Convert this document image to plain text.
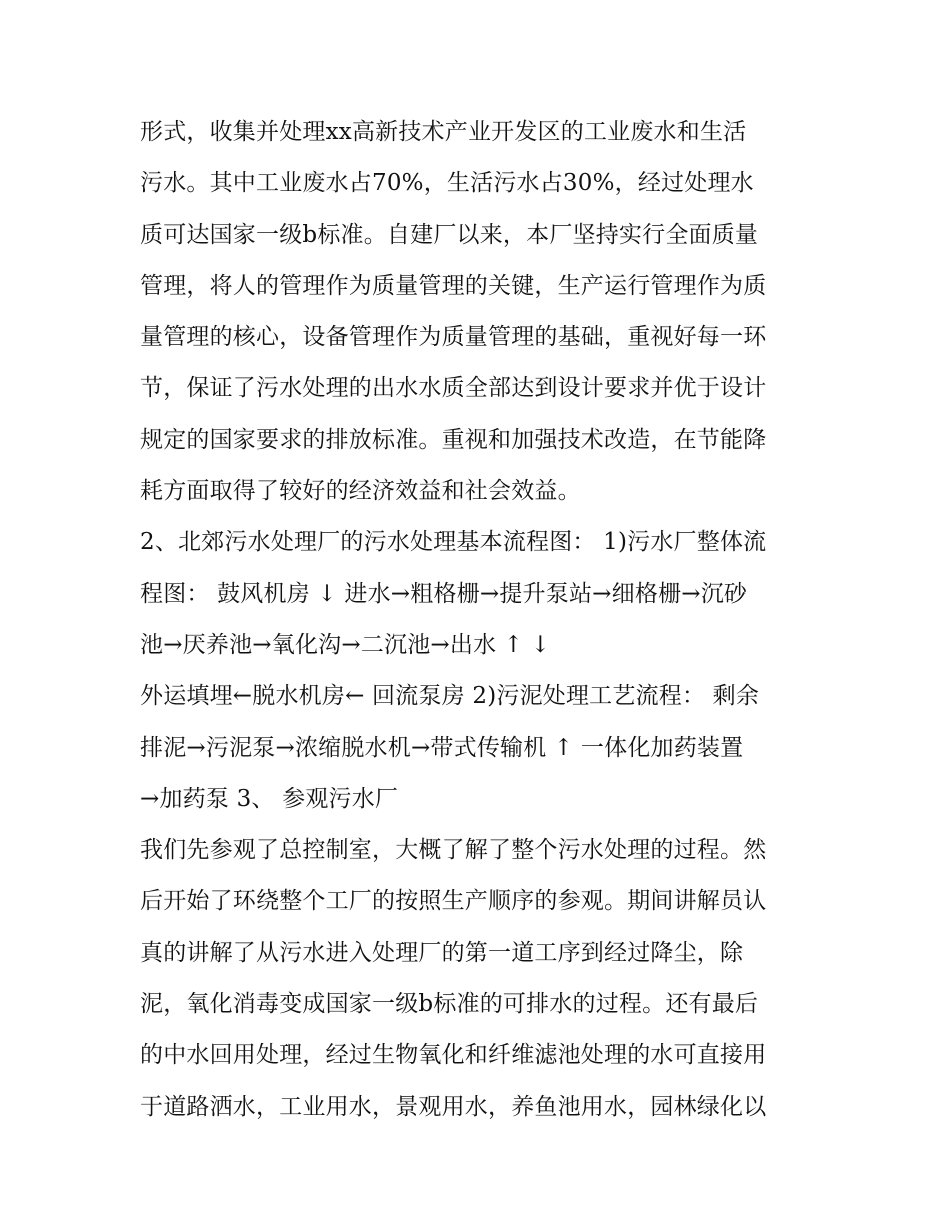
形式，收集并处理xx高新技术产业开发区的工业废水和生活
污水。其中工业废水占70%，生活污水占30%，经过处理水
质可达国家一级b标准。自建厂以来，本厂坚持实行全面质量
管理，将人的管理作为质量管理的关键，生产运行管理作为质
量管理的核心，设备管理作为质量管理的基础，重视好每一环
节，保证了污水处理的出水水质全部达到设计要求并优于设计
规定的国家要求的排放标准。重视和加强技术改造，在节能降
耗方面取得了较好的经济效益和社会效益。
2、北郊污水处理厂的污水处理基本流程图： 1)污水厂整体流
程图： 鼓风机房 ↓ 进水→粗格栅→提升泵站→细格栅→沉砂
池→厌养池→氧化沟→二沉池→出水 ↑ ↓
外运填埋←脱水机房← 回流泵房 2)污泥处理工艺流程： 剩余
排泥→污泥泵→浓缩脱水机→带式传输机 ↑ 一体化加药装置
→加药泵 3、 参观污水厂
我们先参观了总控制室，大概了解了整个污水处理的过程。然
后开始了环绕整个工厂的按照生产顺序的参观。期间讲解员认
真的讲解了从污水进入处理厂的第一道工序到经过降尘，除
泥，氧化消毒变成国家一级b标准的可排水的过程。还有最后
的中水回用处理，经过生物氧化和纤维滤池处理的水可直接用
于道路洒水，工业用水，景观用水，养鱼池用水，园林绿化以
